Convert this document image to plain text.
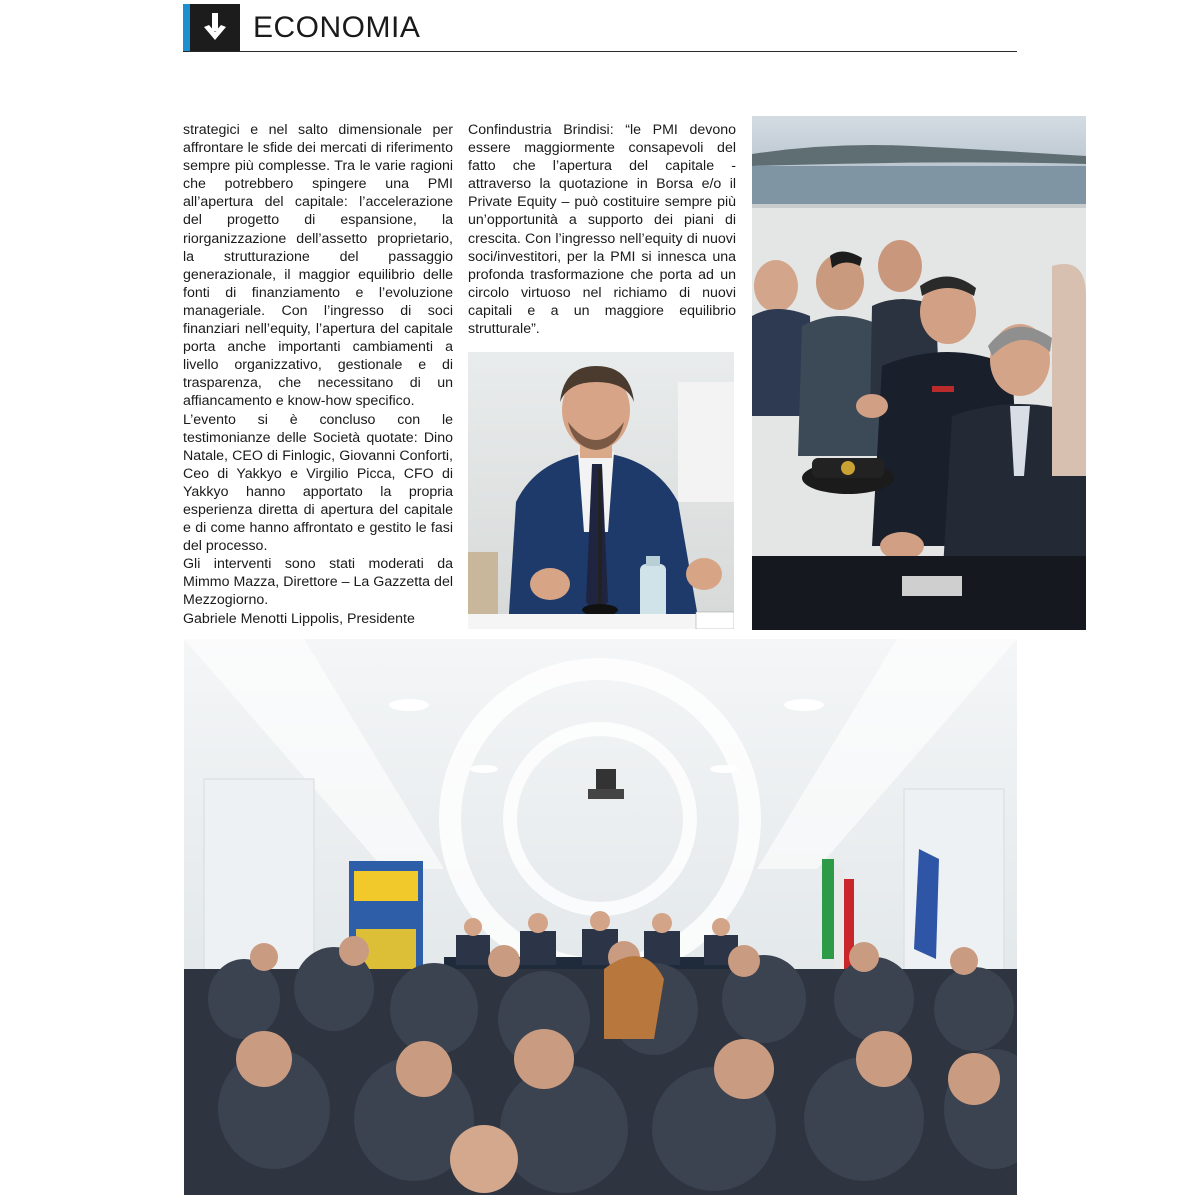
ECONOMIA

strategici e nel salto dimensionale per affrontare le sfide dei mercati di riferimento sempre più complesse. Tra le varie ragioni che potrebbero spingere una PMI all’apertura del capitale: l’accelerazione del progetto di espansione, la riorganizzazione dell’assetto proprietario, la strutturazione del passaggio generazionale, il maggior equilibrio delle fonti di finanziamento e l’evoluzione manageriale. Con l’ingresso di soci finanziari nell’equity, l’apertura del capitale porta anche importanti cambiamenti a livello organizzativo, gestionale e di trasparenza, che necessitano di un affiancamento e know-how specifico.

L’evento si è concluso con le testimonianze delle Società quotate: Dino Natale, CEO di Finlogic, Giovanni Conforti, Ceo di Yakkyo e Virgilio Picca, CFO di Yakkyo hanno apportato la propria esperienza diretta di apertura del capitale e di come hanno affrontato e gestito le fasi del processo.

Gli interventi sono stati moderati da Mimmo Mazza, Direttore – La Gazzetta del Mezzogiorno.

Gabriele Menotti Lippolis, Presidente

Confindustria Brindisi: “le PMI devono essere maggiormente consapevoli del fatto che l’apertura del capitale - attraverso la quotazione in Borsa e/o il Private Equity – può costituire sempre più un’opportunità a supporto dei piani di crescita. Con l’ingresso nell’equity di nuovi soci/investitori, per la PMI si innesca una profonda trasformazione che porta ad un circolo virtuoso nel richiamo di nuovi capitali e a un maggiore equilibrio strutturale”.
